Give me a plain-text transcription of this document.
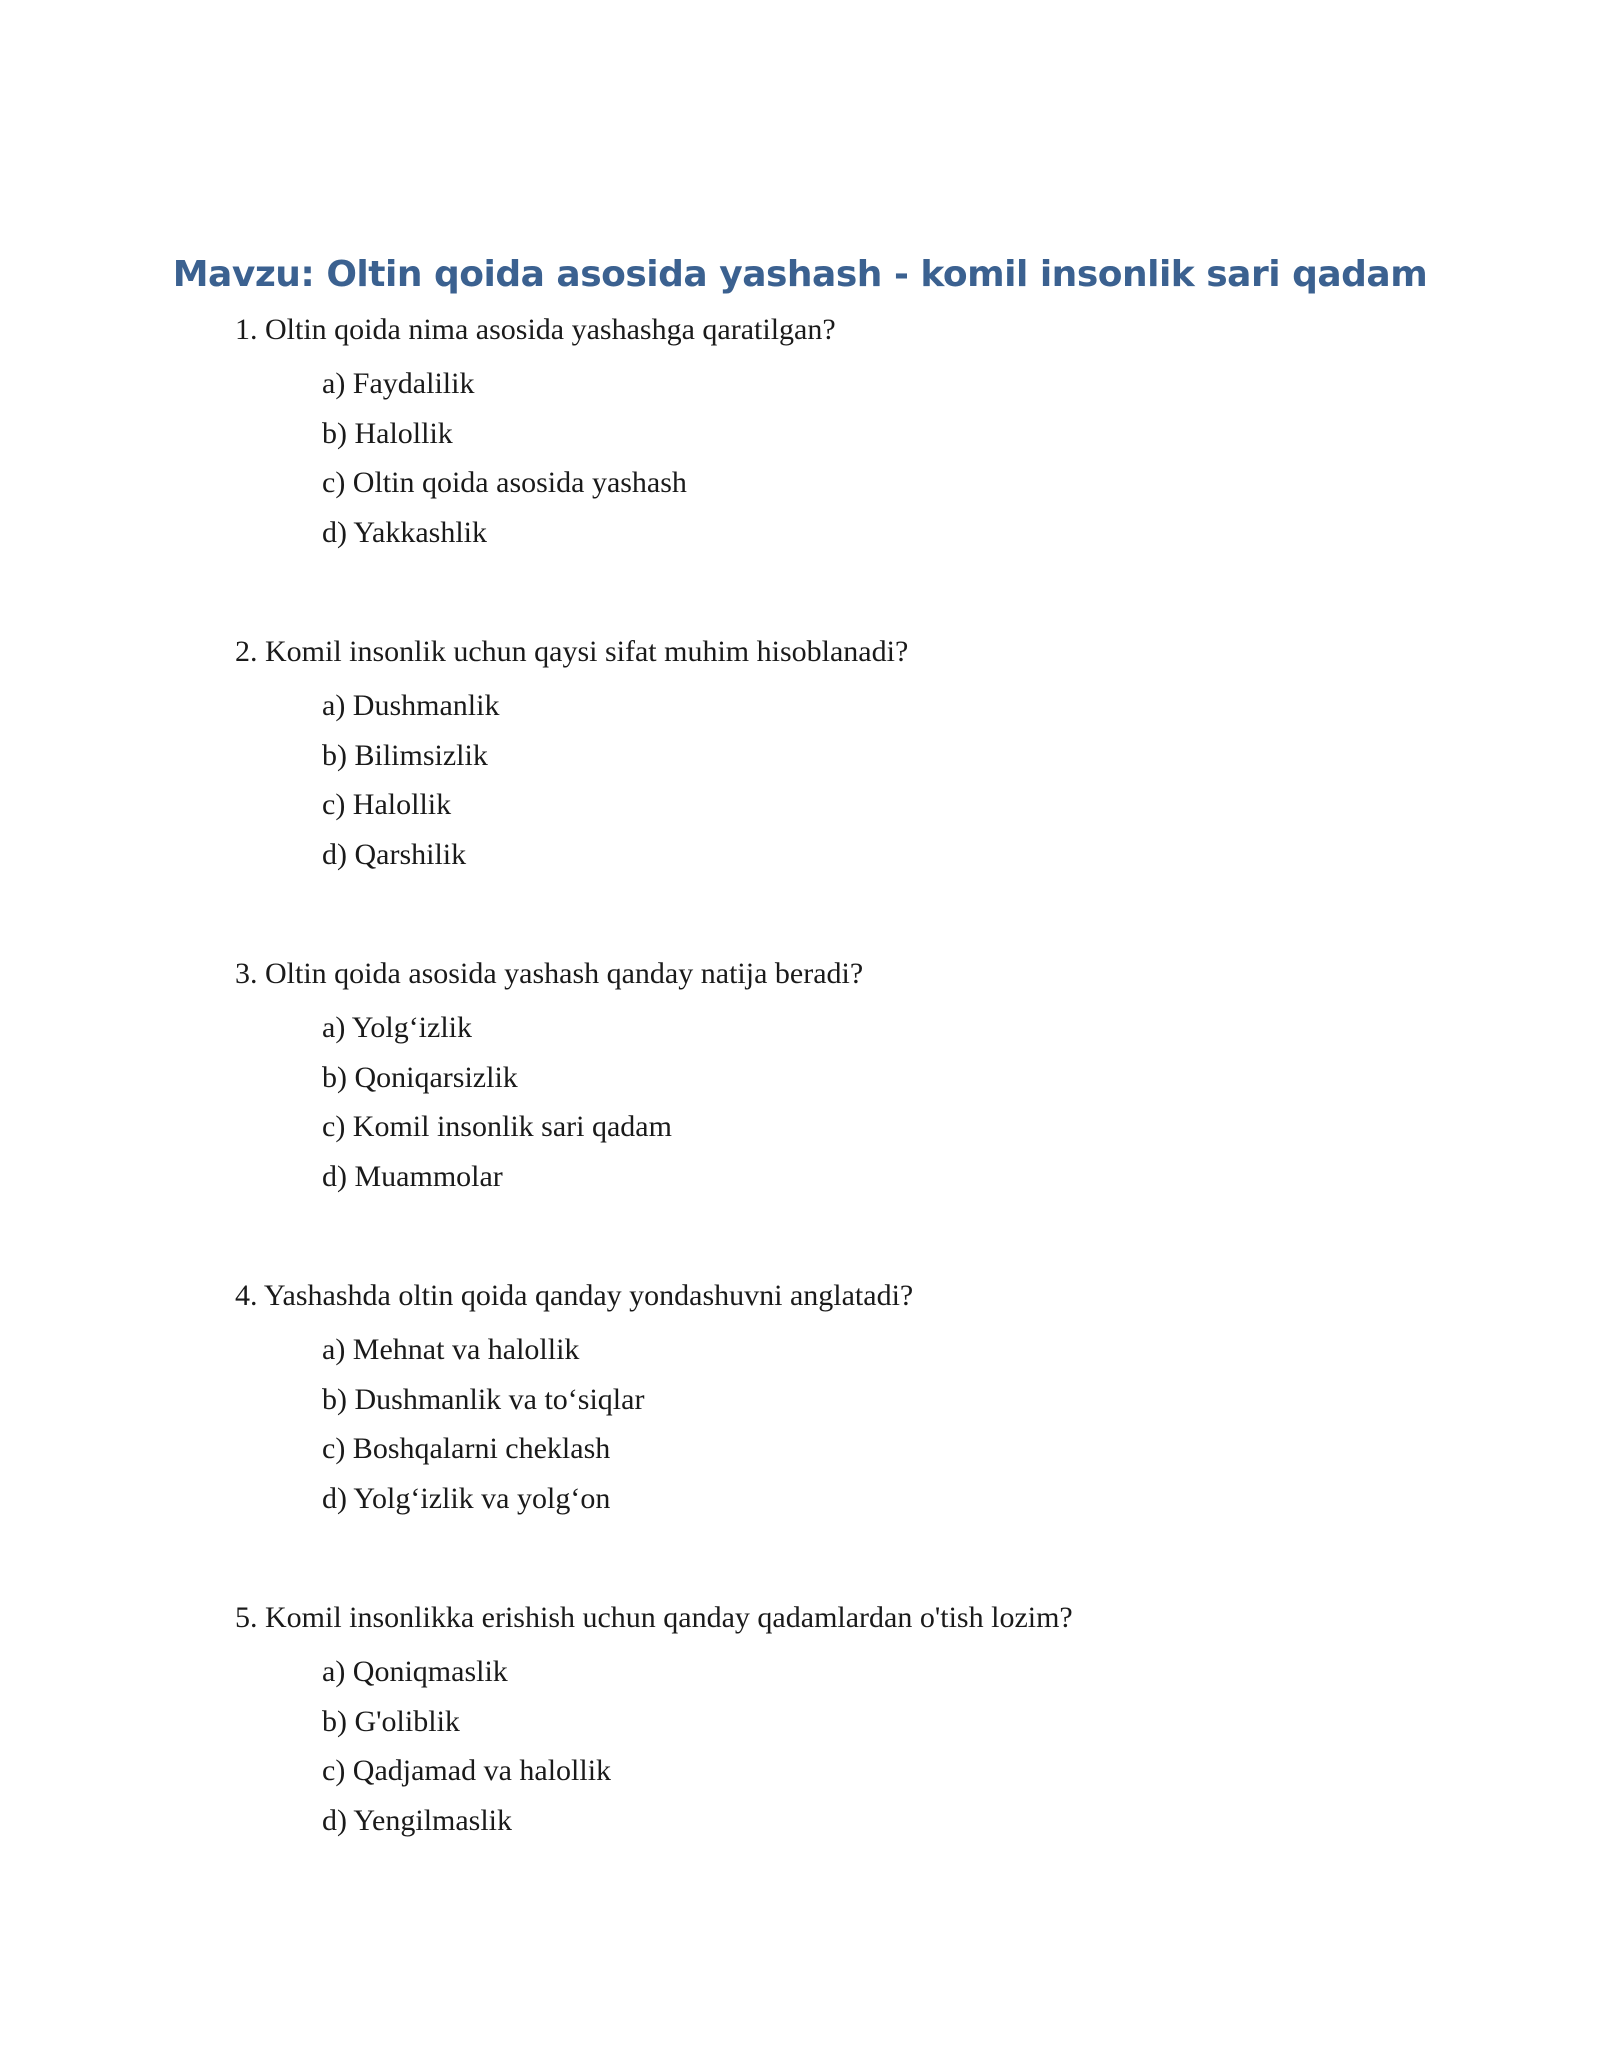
Mavzu: Oltin qoida asosida yashash - komil insonlik sari qadam

1. Oltin qoida nima asosida yashashga qaratilgan?

a) Faydalilik
b) Halollik
c) Oltin qoida asosida yashash
d) Yakkashlik

2. Komil insonlik uchun qaysi sifat muhim hisoblanadi?

a) Dushmanlik
b) Bilimsizlik
c) Halollik
d) Qarshilik

3. Oltin qoida asosida yashash qanday natija beradi?

a) Yolg‘izlik
b) Qoniqarsizlik
c) Komil insonlik sari qadam
d) Muammolar

4. Yashashda oltin qoida qanday yondashuvni anglatadi?

a) Mehnat va halollik
b) Dushmanlik va to‘siqlar
c) Boshqalarni cheklash
d) Yolg‘izlik va yolg‘on

5. Komil insonlikka erishish uchun qanday qadamlardan o'tish lozim?

a) Qoniqmaslik
b) G'oliblik
c) Qadjamad va halollik
d) Yengilmaslik
